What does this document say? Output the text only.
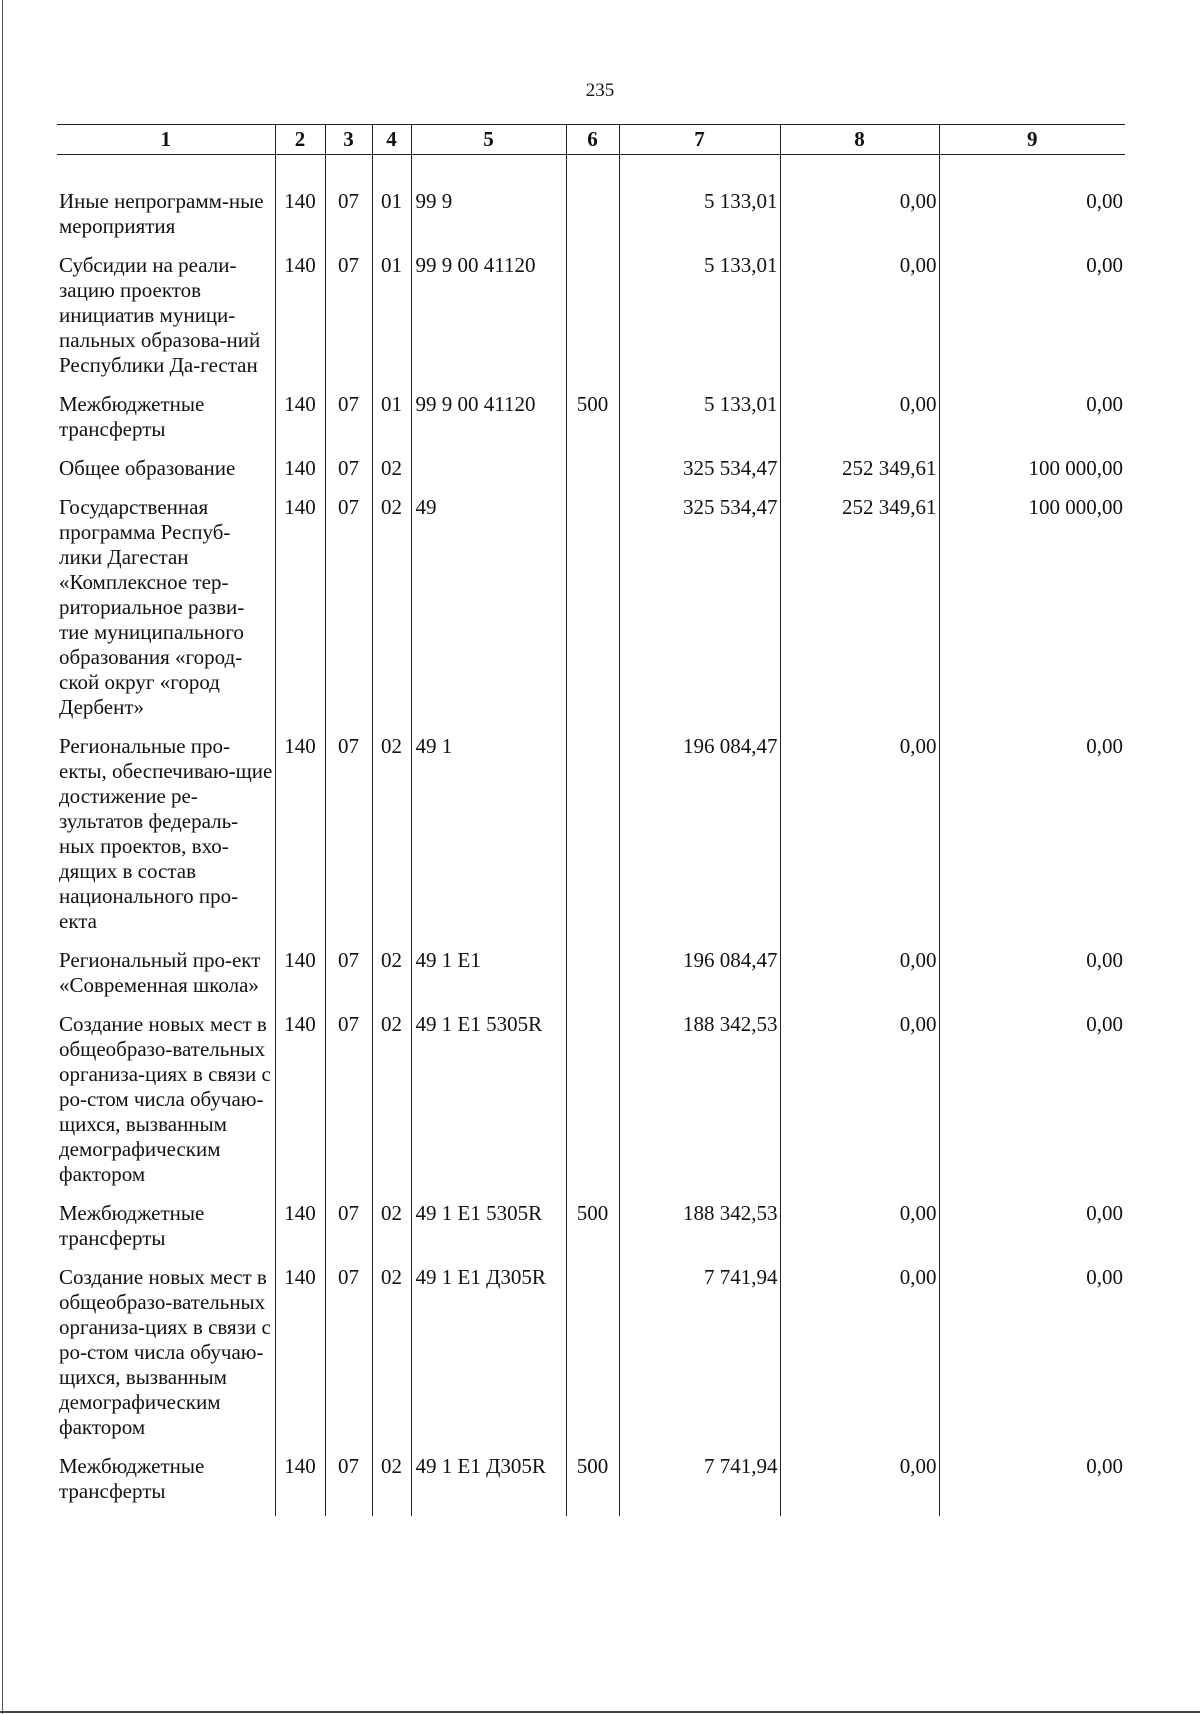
235
1	2	3	4	5	6	7	8	9
Иные непрограмм-ные мероприятия	140	07	01	99 9		5 133,01	0,00	0,00
Субсидии на реали-зацию проектов инициатив муници-пальных образова-ний Республики Да-гестан	140	07	01	99 9 00 41120		5 133,01	0,00	0,00
Межбюджетные трансферты	140	07	01	99 9 00 41120	500	5 133,01	0,00	0,00
Общее образование	140	07	02			325 534,47	252 349,61	100 000,00
Государственная программа Респуб-лики Дагестан «Комплексное тер-риториальное разви-тие муниципального образования «город-ской округ «город Дербент»	140	07	02	49		325 534,47	252 349,61	100 000,00
Региональные про-екты, обеспечиваю-щие достижение ре-зультатов федераль-ных проектов, вхо-дящих в состав национального про-екта	140	07	02	49 1		196 084,47	0,00	0,00
Региональный про-ект «Современная школа»	140	07	02	49 1 E1		196 084,47	0,00	0,00
Создание новых мест в общеобразо-вательных организа-циях в связи с ро-стом числа обучаю-щихся, вызванным демографическим фактором	140	07	02	49 1 E1 5305R		188 342,53	0,00	0,00
Межбюджетные трансферты	140	07	02	49 1 E1 5305R	500	188 342,53	0,00	0,00
Создание новых мест в общеобразо-вательных организа-циях в связи с ро-стом числа обучаю-щихся, вызванным демографическим фактором	140	07	02	49 1 E1 Д305R		7 741,94	0,00	0,00
Межбюджетные трансферты	140	07	02	49 1 E1 Д305R	500	7 741,94	0,00	0,00
